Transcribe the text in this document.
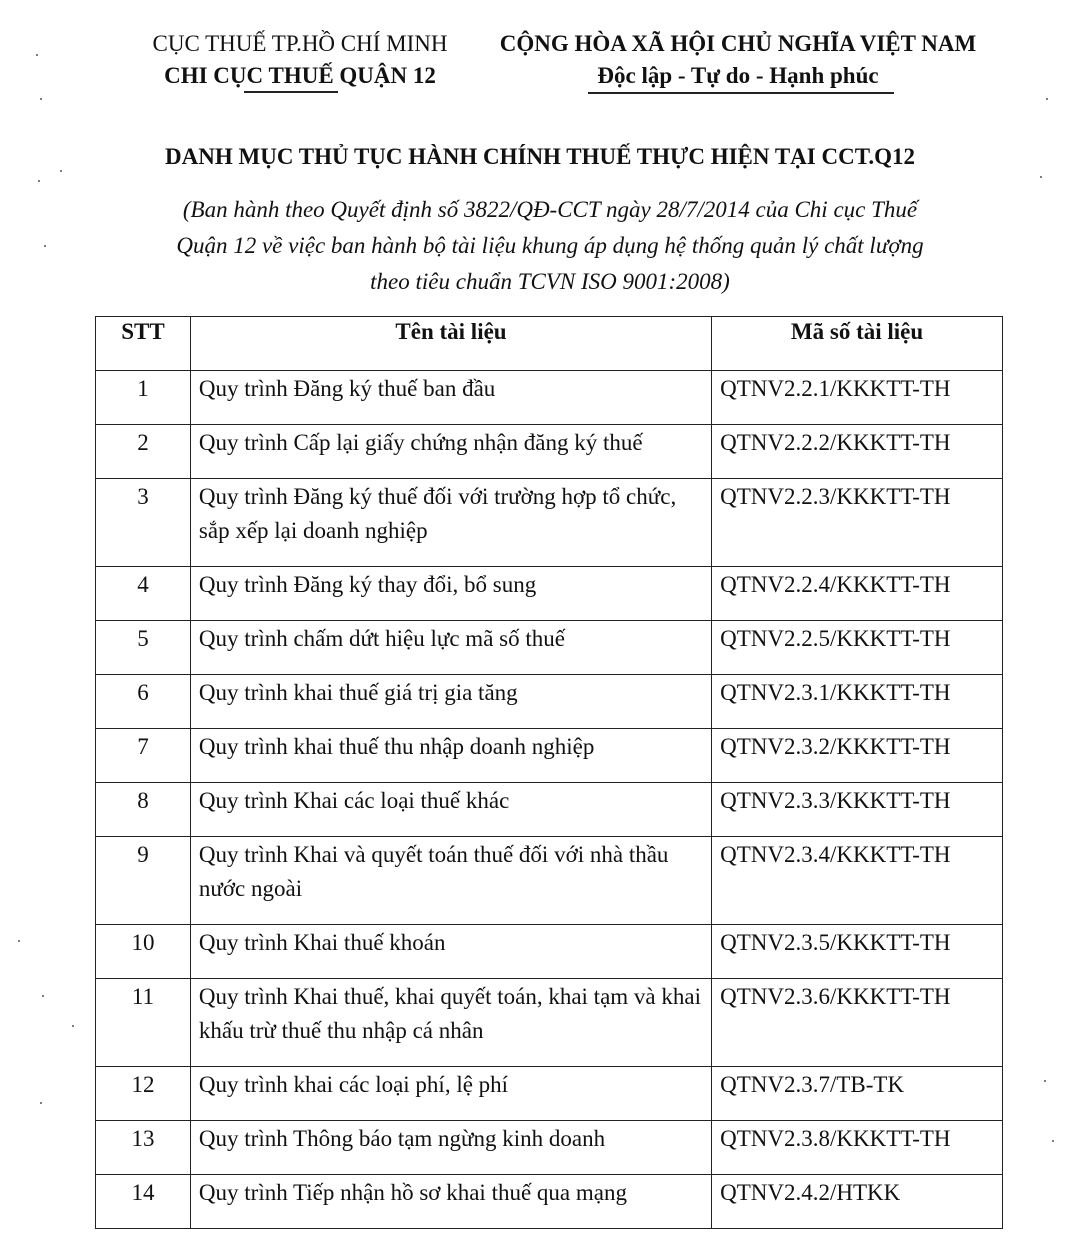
CỤC THUẾ TP.HỒ CHÍ MINH
CHI CỤC THUẾ QUẬN 12
CỘNG HÒA XÃ HỘI CHỦ NGHĨA VIỆT NAM
Độc lập - Tự do - Hạnh phúc
DANH MỤC THỦ TỤC HÀNH CHÍNH THUẾ THỰC HIỆN TẠI CCT.Q12
(Ban hành theo Quyết định số 3822/QĐ-CCT ngày 28/7/2014 của Chi cục Thuế
Quận 12 về việc ban hành bộ tài liệu khung áp dụng hệ thống quản lý chất lượng
theo tiêu chuẩn TCVN ISO 9001:2008)
STT	Tên tài liệu	Mã số tài liệu
1	Quy trình Đăng ký thuế ban đầu	QTNV2.2.1/KKKTT-TH
2	Quy trình Cấp lại giấy chứng nhận đăng ký thuế	QTNV2.2.2/KKKTT-TH
3	Quy trình Đăng ký thuế đối với trường hợp tổ chức, sắp xếp lại doanh nghiệp	QTNV2.2.3/KKKTT-TH
4	Quy trình Đăng ký thay đổi, bổ sung	QTNV2.2.4/KKKTT-TH
5	Quy trình chấm dứt hiệu lực mã số thuế	QTNV2.2.5/KKKTT-TH
6	Quy trình khai thuế giá trị gia tăng	QTNV2.3.1/KKKTT-TH
7	Quy trình khai thuế thu nhập doanh nghiệp	QTNV2.3.2/KKKTT-TH
8	Quy trình Khai các loại thuế khác	QTNV2.3.3/KKKTT-TH
9	Quy trình Khai và quyết toán thuế đối với nhà thầu nước ngoài	QTNV2.3.4/KKKTT-TH
10	Quy trình Khai thuế khoán	QTNV2.3.5/KKKTT-TH
11	Quy trình Khai thuế, khai quyết toán, khai tạm và khai khấu trừ thuế thu nhập cá nhân	QTNV2.3.6/KKKTT-TH
12	Quy trình khai các loại phí, lệ phí	QTNV2.3.7/TB-TK
13	Quy trình Thông báo tạm ngừng kinh doanh	QTNV2.3.8/KKKTT-TH
14	Quy trình Tiếp nhận hồ sơ khai thuế qua mạng	QTNV2.4.2/HTKK
